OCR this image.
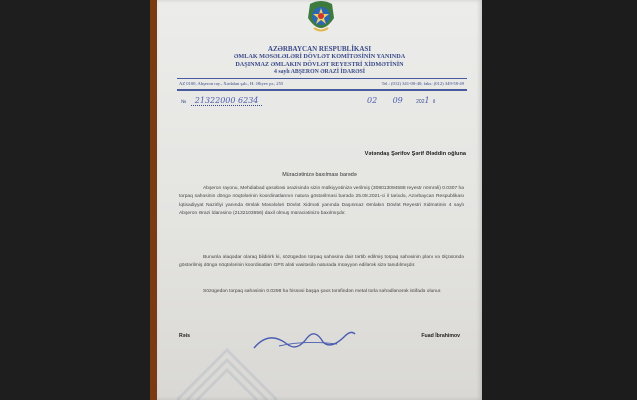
AZƏRBAYCAN RESPUBLİKASI
ƏMLAK MƏSƏLƏLƏRİ DÖVLƏT KOMİTƏSİNİN YANINDA
DAŞINMAZ ƏMLAKIN DÖVLƏT REYESTRİ XİDMƏTİNİN
4 saylı ABŞERON ƏRAZİ İDARƏSİ
AZ 0100, Abşeron ray., Xırdalan şəh., H. Əliyev pr., 255	Tel.: (012) 341-00-40; faks: (012) 349-58-49
№ 21322000 6234	02 09	2021 il
Vətəndaş Şərifov Şərif Ələddin oğluna
Müraciətinizə baxılması barədə
Abşeron rayonu, Mehdiabad qəsəbəsi ərazisində sizin mülkiyyətinizə verilmiş (308013094588 reyestr nömrəli) 0.0307 ha torpaq sahəsinin döngə nöqtələrinin koordinatlarının natura göstərilməsi barədə 25.08.2021-ci il tarixdə, Azərbaycan Respublikası İqtisadiyyat Nazirliyi yanında Əmlak Məsələləri Dövlət Xidməti yanında Daşınmaz Əmlakın Dövlət Reyestri Xidmətinin 4 saylı Abşeron Ərazi İdarəsinə (2132103656) daxil olmuş müraciətinizə baxılmışdır.
Bununla əlaqədar olaraq bildirirk ki, sözügedən torpaq sahəsinə dair tərtib edilmiş torpaq sahəsinin planı və ölçüsündə göstərilmiş döngə nöqtələrinin koordinatları GPS aləti vasitəsilə naturada müəyyən edilərək sizə tanıdılmışdır.
Sözügedən torpaq sahəsinin 0.0298 ha hissəsi başqa şəxs tərəfindən metal torla səhədlənərək istifadə olunur.
Rəis	Fuad İbrahimov
